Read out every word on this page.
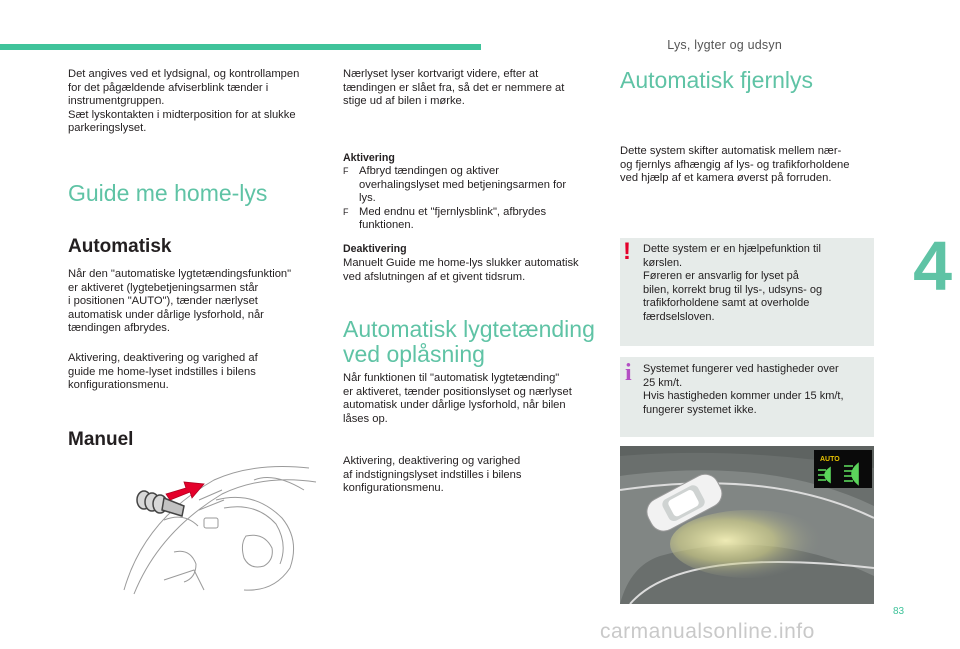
Lys, lygter og udsyn

Det angives ved et lydsignal, og kontrollampen
for det pågældende afviserblink tænder i
instrumentgruppen.
Sæt lyskontakten i midterposition for at slukke
parkeringslyset.

Guide me home-lys
Automatisk

Når den "automatiske lygtetændingsfunktion"
er aktiveret (lygtebetjeningsarmen står
i positionen "AUTO"), tænder nærlyset
automatisk under dårlige lysforhold, når
tændingen afbrydes.

Aktivering, deaktivering og varighed af
guide me home-lyset indstilles i bilens
konfigurationsmenu.

Manuel

Nærlyset lyser kortvarigt videre, efter at
tændingen er slået fra, så det er nemmere at
stige ud af bilen i mørke.

Aktivering

F Afbryd tændingen og aktiver
overhalingslyset med betjeningsarmen for
lys.
F Med endnu et "fjernlysblink", afbrydes
funktionen.

Deaktivering

Manuelt Guide me home-lys slukker automatisk
ved afslutningen af et givent tidsrum.

Automatisk lygtetænding
ved oplåsning

Når funktionen til "automatisk lygtetænding"
er aktiveret, tænder positionslyset og nærlyset
automatisk under dårlige lysforhold, når bilen
låses op.

Aktivering, deaktivering og varighed
af indstigningslyset indstilles i bilens
konfigurationsmenu.

Automatisk fjernlys

Dette system skifter automatisk mellem nær-
og fjernlys afhængig af lys- og trafikforholdene
ved hjælp af et kamera øverst på forruden.

! Dette system er en hjælpefunktion til
kørslen.
Føreren er ansvarlig for lyset på
bilen, korrekt brug til lys-, udsyns- og
trafikforholdene samt at overholde
færdselsloven.
i Systemet fungerer ved hastigheder over
25 km/t.
Hvis hastigheden kommer under 15 km/t,
fungerer systemet ikke.
AUTO
4
83
carmanualsonline.info
